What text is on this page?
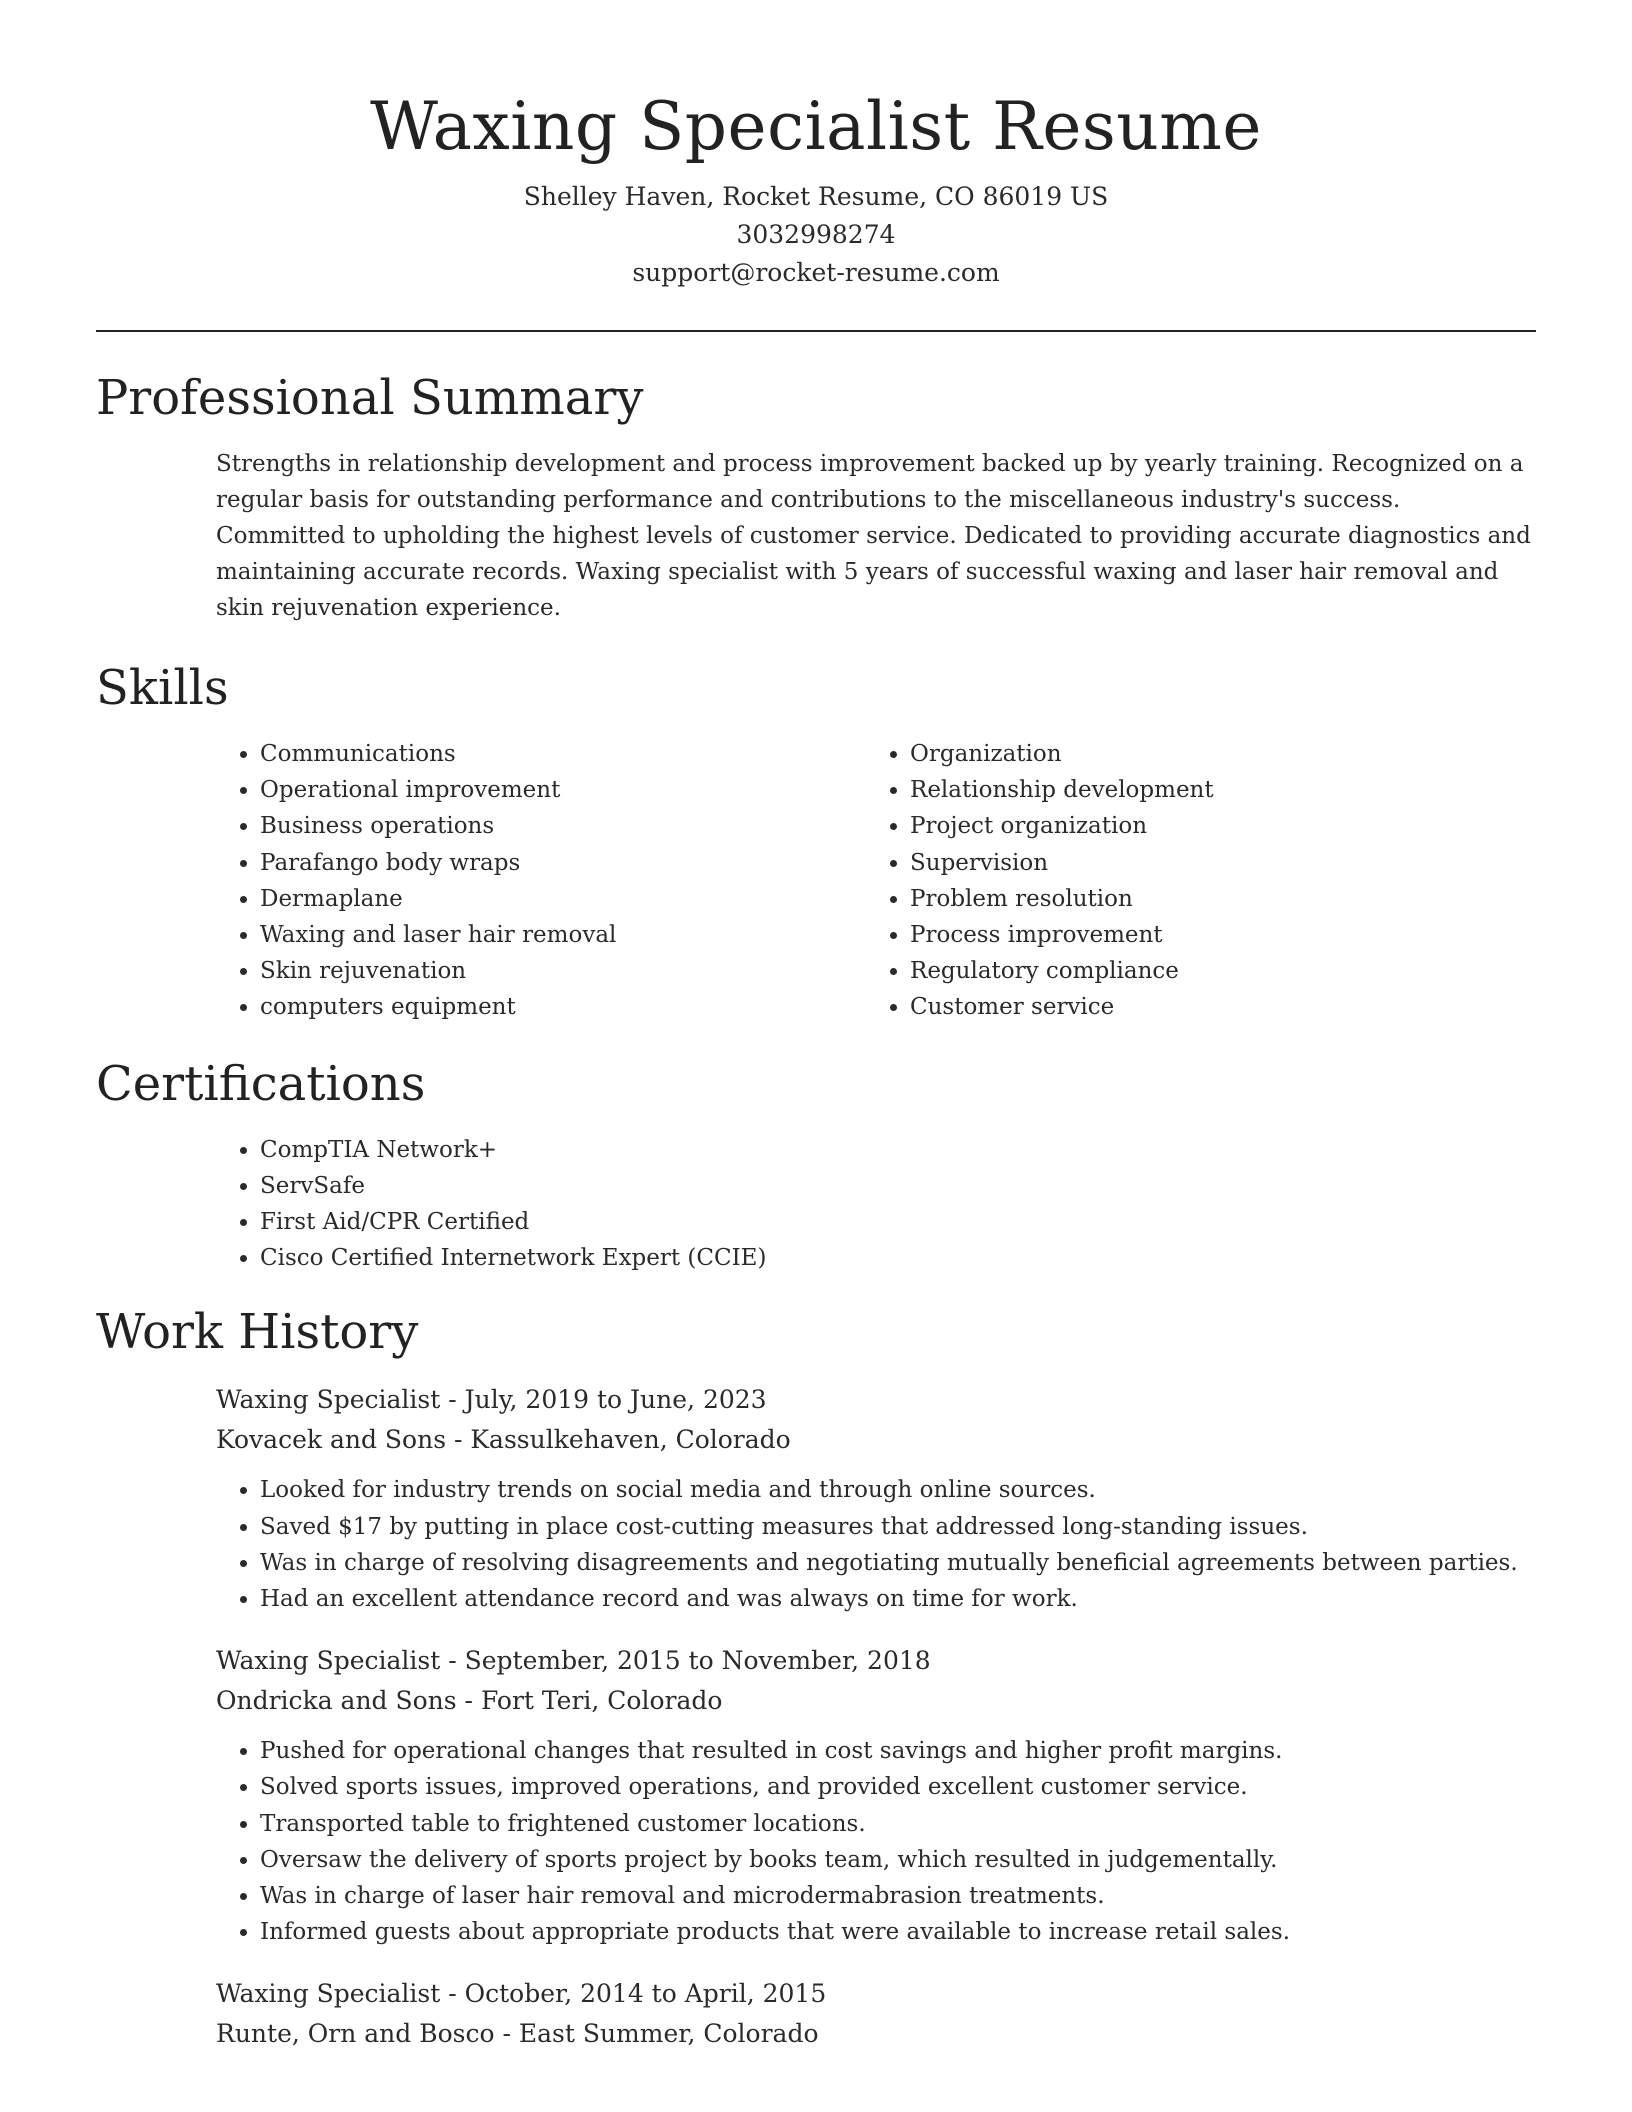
Waxing Specialist Resume
Shelley Haven, Rocket Resume, CO 86019 US
3032998274
support@rocket-resume.com
Professional Summary

Strengths in relationship development and process improvement backed up by yearly training. Recognized on a regular basis for outstanding performance and contributions to the miscellaneous industry's success. Committed to upholding the highest levels of customer service. Dedicated to providing accurate diagnostics and maintaining accurate records. Waxing specialist with 5 years of successful waxing and laser hair removal and skin rejuvenation experience.

Skills
• Communications
• Operational improvement
• Business operations
• Parafango body wraps
• Dermaplane
• Waxing and laser hair removal
• Skin rejuvenation
• computers equipment
• Organization
• Relationship development
• Project organization
• Supervision
• Problem resolution
• Process improvement
• Regulatory compliance
• Customer service
Certifications
• CompTIA Network+
• ServSafe
• First Aid/CPR Certified
• Cisco Certified Internetwork Expert (CCIE)
Work History
Waxing Specialist - July, 2019 to June, 2023
Kovacek and Sons - Kassulkehaven, Colorado
• Looked for industry trends on social media and through online sources.
• Saved $17 by putting in place cost-cutting measures that addressed long-standing issues.
• Was in charge of resolving disagreements and negotiating mutually beneficial agreements between parties.
• Had an excellent attendance record and was always on time for work.
Waxing Specialist - September, 2015 to November, 2018
Ondricka and Sons - Fort Teri, Colorado
• Pushed for operational changes that resulted in cost savings and higher profit margins.
• Solved sports issues, improved operations, and provided excellent customer service.
• Transported table to frightened customer locations.
• Oversaw the delivery of sports project by books team, which resulted in judgementally.
• Was in charge of laser hair removal and microdermabrasion treatments.
• Informed guests about appropriate products that were available to increase retail sales.
Waxing Specialist - October, 2014 to April, 2015
Runte, Orn and Bosco - East Summer, Colorado
